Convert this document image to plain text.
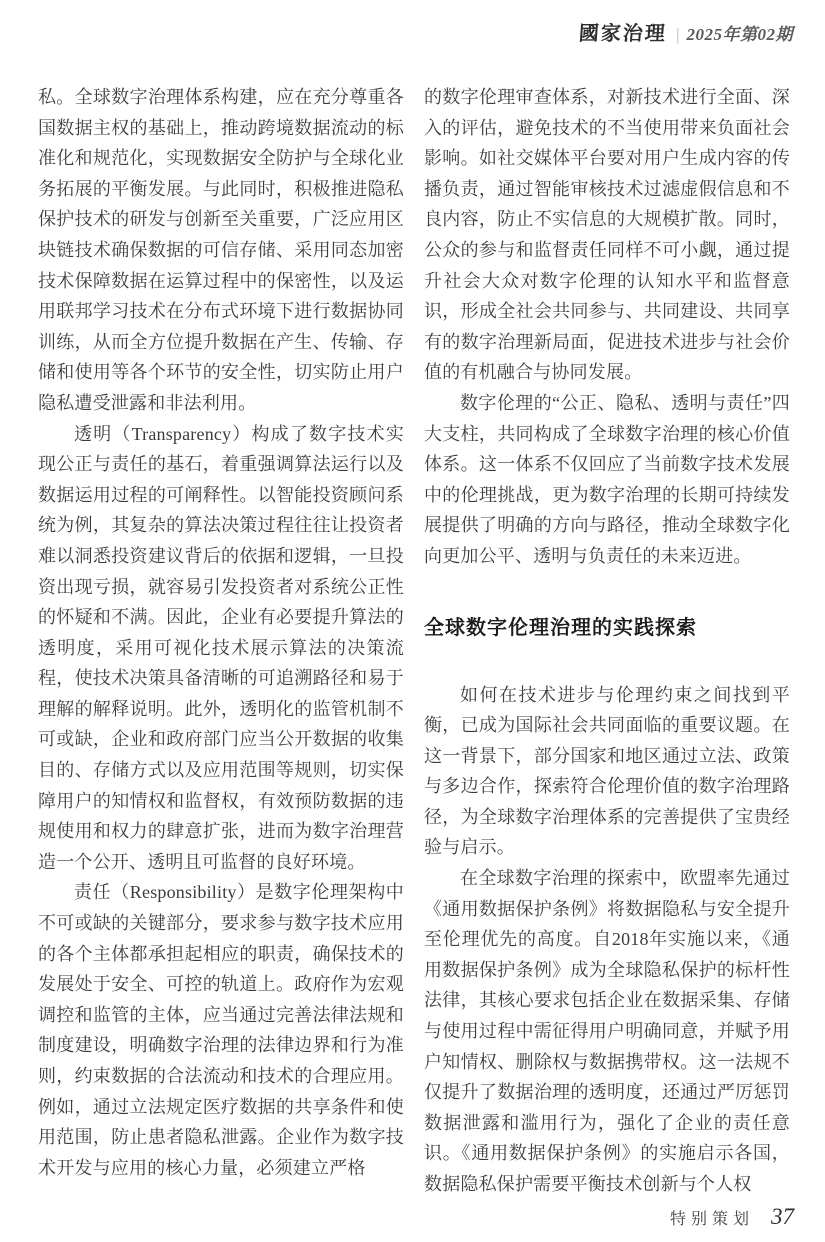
國家治理 | 2025年第02期

私。全球数字治理体系构建，应在充分尊重各国数据主权的基础上，推动跨境数据流动的标准化和规范化，实现数据安全防护与全球化业务拓展的平衡发展。与此同时，积极推进隐私保护技术的研发与创新至关重要，广泛应用区块链技术确保数据的可信存储、采用同态加密技术保障数据在运算过程中的保密性，以及运用联邦学习技术在分布式环境下进行数据协同训练，从而全方位提升数据在产生、传输、存储和使用等各个环节的安全性，切实防止用户隐私遭受泄露和非法利用。

透明（Transparency）构成了数字技术实现公正与责任的基石，着重强调算法运行以及数据运用过程的可阐释性。以智能投资顾问系统为例，其复杂的算法决策过程往往让投资者难以洞悉投资建议背后的依据和逻辑，一旦投资出现亏损，就容易引发投资者对系统公正性的怀疑和不满。因此，企业有必要提升算法的透明度，采用可视化技术展示算法的决策流程，使技术决策具备清晰的可追溯路径和易于理解的解释说明。此外，透明化的监管机制不可或缺，企业和政府部门应当公开数据的收集目的、存储方式以及应用范围等规则，切实保障用户的知情权和监督权，有效预防数据的违规使用和权力的肆意扩张，进而为数字治理营造一个公开、透明且可监督的良好环境。

责任（Responsibility）是数字伦理架构中不可或缺的关键部分，要求参与数字技术应用的各个主体都承担起相应的职责，确保技术的发展处于安全、可控的轨道上。政府作为宏观调控和监管的主体，应当通过完善法律法规和制度建设，明确数字治理的法律边界和行为准则，约束数据的合法流动和技术的合理应用。例如，通过立法规定医疗数据的共享条件和使用范围，防止患者隐私泄露。企业作为数字技术开发与应用的核心力量，必须建立严格

的数字伦理审查体系，对新技术进行全面、深入的评估，避免技术的不当使用带来负面社会影响。如社交媒体平台要对用户生成内容的传播负责，通过智能审核技术过滤虚假信息和不良内容，防止不实信息的大规模扩散。同时，公众的参与和监督责任同样不可小觑，通过提升社会大众对数字伦理的认知水平和监督意识，形成全社会共同参与、共同建设、共同享有的数字治理新局面，促进技术进步与社会价值的有机融合与协同发展。

数字伦理的“公正、隐私、透明与责任”四大支柱，共同构成了全球数字治理的核心价值体系。这一体系不仅回应了当前数字技术发展中的伦理挑战，更为数字治理的长期可持续发展提供了明确的方向与路径，推动全球数字化向更加公平、透明与负责任的未来迈进。

全球数字伦理治理的实践探索

如何在技术进步与伦理约束之间找到平衡，已成为国际社会共同面临的重要议题。在这一背景下，部分国家和地区通过立法、政策与多边合作，探索符合伦理价值的数字治理路径，为全球数字治理体系的完善提供了宝贵经验与启示。

在全球数字治理的探索中，欧盟率先通过《通用数据保护条例》将数据隐私与安全提升至伦理优先的高度。自2018年实施以来，《通用数据保护条例》成为全球隐私保护的标杆性法律，其核心要求包括企业在数据采集、存储与使用过程中需征得用户明确同意，并赋予用户知情权、删除权与数据携带权。这一法规不仅提升了数据治理的透明度，还通过严厉惩罚数据泄露和滥用行为，强化了企业的责任意识。《通用数据保护条例》的实施启示各国，数据隐私保护需要平衡技术创新与个人权

特别策划 37
